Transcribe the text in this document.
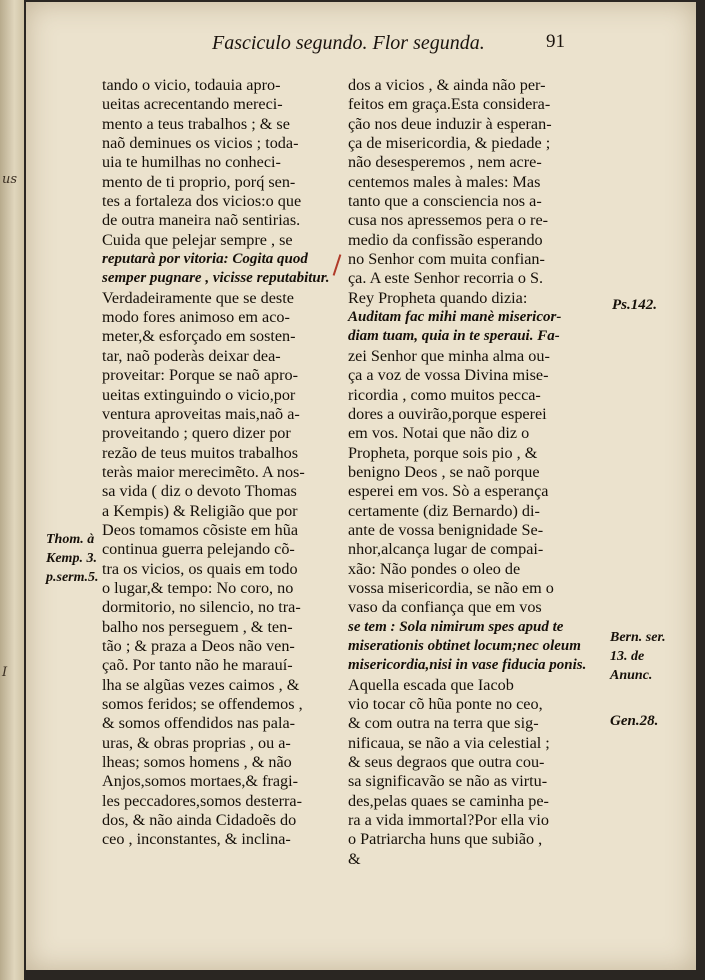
us
I
Fasciculo segundo. Flor segunda.	91
tando o vicio, todauia apro-
ueitas acrecentando mereci-
mento a teus trabalhos ; & se
naõ deminues os vicios ; toda-
uia te humilhas no conheci-
mento de ti proprio, porq́ sen-
tes a fortaleza dos vicios:o que
de outra maneira naõ sentirias.
Cuida que pelejar sempre , se
reputarà por vitoria: Cogita quod
semper pugnare , vicisse reputabitur.
Verdadeiramente que se deste
modo fores animoso em aco-
meter,& esforçado em sosten-
tar, naõ poderàs deixar dea-
proveitar: Porque se naõ apro-
ueitas extinguindo o vicio,por
ventura aproveitas mais,naõ a-
proveitando ; quero dizer por
rezão de teus muitos trabalhos
teràs maior merecimẽto. A nos-
sa vida ( diz o devoto Thomas
a Kempis) & Religião que por
Deos tomamos cõsiste em hũa
continua guerra pelejando cõ-
tra os vicios, os quais em todo
o lugar,& tempo: No coro, no
dormitorio, no silencio, no tra-
balho nos perseguem , & ten-
tão ; & praza a Deos não ven-
çaõ. Por tanto não he marauí-
lha se algũas vezes caimos , &
somos feridos; se offendemos ,
& somos offendidos nas pala-
uras, & obras proprias , ou a-
lheas; somos homens , & não
Anjos,somos mortaes,& fragi-
les peccadores,somos desterra-
dos, & não ainda Cidadoẽs do
ceo , inconstantes, & inclina-
dos a vicios , & ainda não per-
feitos em graça.Esta considera-
ção nos deue induzir à esperan-
ça de misericordia, & piedade ;
não desesperemos , nem acre-
centemos males à males: Mas
tanto que a consciencia nos a-
cusa nos apressemos pera o re-
medio da confissão esperando
no Senhor com muita confian-
ça. A este Senhor recorria o S.
Rey Propheta quando dizia:
Auditam fac mihi manè misericor-
diam tuam, quia in te speraui. Fa-
zei Senhor que minha alma ou-
ça a voz de vossa Divina mise-
ricordia , como muitos pecca-
dores a ouvirão,porque esperei
em vos. Notai que não diz o
Propheta, porque sois pio , &
benigno Deos , se naõ porque
esperei em vos. Sò a esperança
certamente (diz Bernardo) di-
ante de vossa benignidade Se-
nhor,alcança lugar de compai-
xão: Não pondes o oleo de
vossa misericordia, se não em o
vaso da confiança que em vos
se tem : Sola nimirum spes apud te
miserationis obtinet locum;nec oleum
misericordia,nisi in vase fiducia ponis.
Aquella escada que Iacob
vio tocar cõ hũa ponte no ceo,
& com outra na terra que sig-
nificaua, se não a via celestial ;
& seus degraos que outra cou-
sa significavão se não as virtu-
des,pelas quaes se caminha pe-
ra a vida immortal?Por ella vio
o Patriarcha huns que subião ,
&
Thom. à
Kemp. 3.
p.serm.5.
Ps.142.
Bern. ser.
13. de
Anunc.
Gen.28.
